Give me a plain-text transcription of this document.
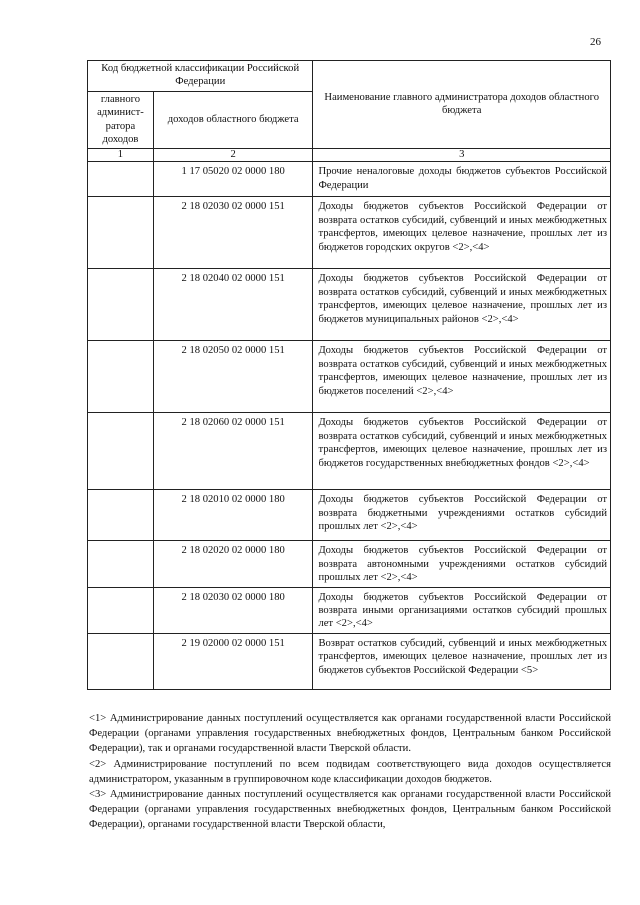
26
Код бюджетной классификации Российской Федерации		Наименование главного администратора доходов областного бюджета
главного админист-ратора доходов	доходов областного бюджета	
1	2	3
	1 17 05020 02 0000 180	Прочие неналоговые доходы бюджетов субъектов Российской Федерации
	2 18 02030 02 0000 151	Доходы бюджетов субъектов Российской Федерации от возврата остатков субсидий, субвенций и иных межбюджетных трансфертов, имеющих целевое назначение, прошлых лет из бюджетов городских округов <2>,<4>
	2 18 02040 02 0000 151	Доходы бюджетов субъектов Российской Федерации от возврата остатков субсидий, субвенций и иных межбюджетных трансфертов, имеющих целевое назначение, прошлых лет из бюджетов муниципальных районов <2>,<4>
	2 18 02050 02 0000 151	Доходы бюджетов субъектов Российской Федерации от возврата остатков субсидий, субвенций и иных межбюджетных трансфертов, имеющих целевое назначение, прошлых лет из бюджетов поселений <2>,<4>
	2 18 02060 02 0000 151	Доходы бюджетов субъектов Российской Федерации от возврата остатков субсидий, субвенций и иных межбюджетных трансфертов, имеющих целевое назначение, прошлых лет из бюджетов государственных внебюджетных фондов <2>,<4>
	2 18 02010 02 0000 180	Доходы бюджетов субъектов Российской Федерации от возврата бюджетными учреждениями остатков субсидий прошлых лет <2>,<4>
	2 18 02020 02 0000 180	Доходы бюджетов субъектов Российской Федерации от возврата автономными учреждениями остатков субсидий прошлых лет <2>,<4>
	2 18 02030 02 0000 180	Доходы бюджетов субъектов Российской Федерации от возврата иными организациями остатков субсидий прошлых лет <2>,<4>
	2 19 02000 02 0000 151	Возврат остатков субсидий, субвенций и иных межбюджетных трансфертов, имеющих целевое назначение, прошлых лет из бюджетов субъектов Российской Федерации <5>

<1> Администрирование данных поступлений осуществляется как органами государственной власти Российской Федерации (органами управления государственных внебюджетных фондов, Центральным банком Российской Федерации), так и органами государственной власти Тверской области.

<2> Администрирование поступлений по всем подвидам соответствующего вида доходов осуществляется администратором, указанным в группировочном коде классификации доходов бюджетов.

<3> Администрирование данных поступлений осуществляется как органами государственной власти Российской Федерации (органами управления государственных внебюджетных фондов, Центральным банком Российской Федерации), органами государственной власти Тверской области,
